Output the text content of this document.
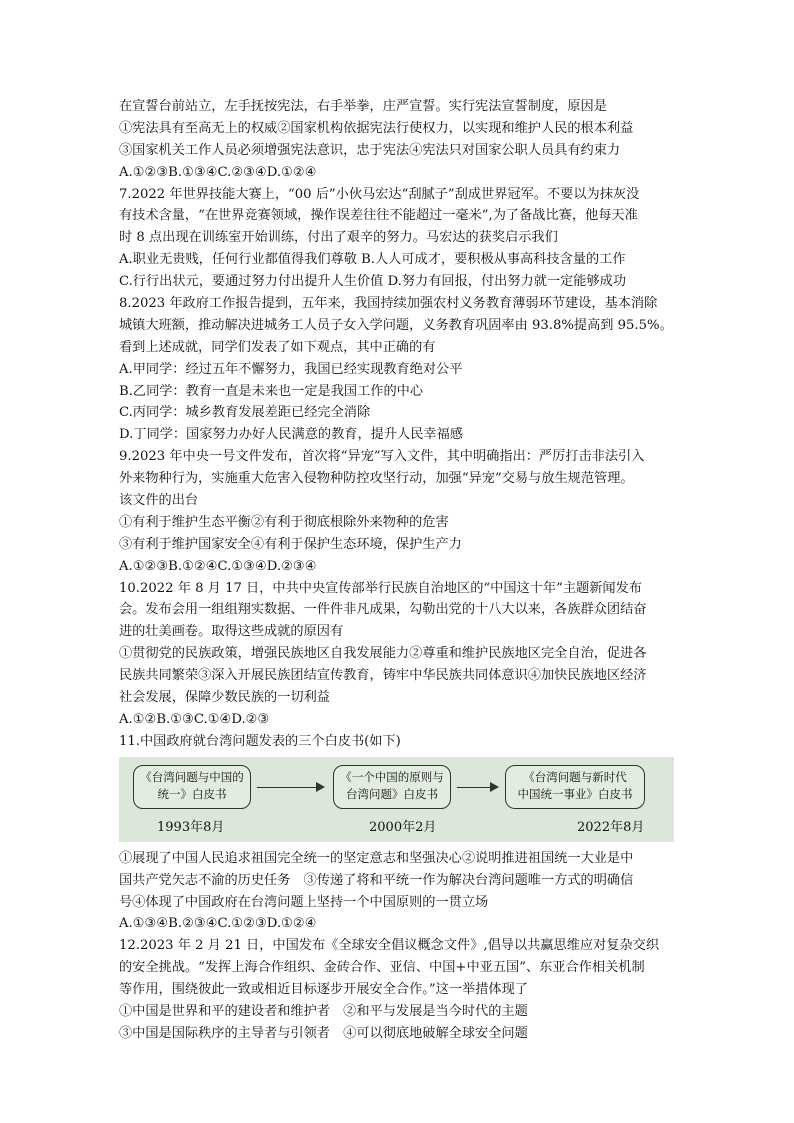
在宣誓台前站立，左手抚按宪法，右手举拳，庄严宣誓。实行宪法宣誓制度，原因是
①宪法具有至高无上的权威②国家机构依据宪法行使权力，以实现和维护人民的根本利益
③国家机关工作人员必须增强宪法意识，忠于宪法④宪法只对国家公职人员具有约束力
A.①②③B.①③④C.②③④D.①②④
7.2022 年世界技能大赛上，“00 后”小伙马宏达“刮腻子”刮成世界冠军。不要以为抹灰没
有技术含量，“在世界竞赛领域，操作误差往往不能超过一毫米”,为了备战比赛，他每天准
时 8 点出现在训练室开始训练，付出了艰辛的努力。马宏达的获奖启示我们
A.职业无贵贱，任何行业都值得我们尊敬 B.人人可成才，要积极从事高科技含量的工作
C.行行出状元，要通过努力付出提升人生价值 D.努力有回报，付出努力就一定能够成功
8.2023 年政府工作报告提到，五年来，我国持续加强农村义务教育薄弱环节建设，基本消除
城镇大班额，推动解决进城务工人员子女入学问题，义务教育巩固率由 93.8%提高到 95.5%。
看到上述成就，同学们发表了如下观点，其中正确的有
A.甲同学：经过五年不懈努力，我国已经实现教育绝对公平
B.乙同学：教育一直是未来也一定是我国工作的中心
C.丙同学：城乡教育发展差距已经完全消除
D.丁同学：国家努力办好人民满意的教育，提升人民幸福感
9.2023 年中央一号文件发布，首次将“异宠”写入文件，其中明确指出：严厉打击非法引入
外来物种行为，实施重大危害入侵物种防控攻坚行动，加强“异宠”交易与放生规范管理。
该文件的出台
①有利于维护生态平衡②有利于彻底根除外来物种的危害
③有利于维护国家安全④有利于保护生态环境，保护生产力
A.①②③B.①②④C.①③④D.②③④
10.2022 年 8 月 17 日，中共中央宣传部举行民族自治地区的“中国这十年”主题新闻发布
会。发布会用一组组翔实数据、一件件非凡成果，勾勒出党的十八大以来，各族群众团结奋
进的壮美画卷。取得这些成就的原因有
①贯彻党的民族政策，增强民族地区自我发展能力②尊重和维护民族地区完全自治，促进各
民族共同繁荣③深入开展民族团结宣传教育，铸牢中华民族共同体意识④加快民族地区经济
社会发展，保障少数民族的一切利益
A.①②B.①③C.①④D.②③
11.中国政府就台湾问题发表的三个白皮书(如下)
《台湾问题与中国的
统一》白皮书
《一个中国的原则与
台湾问题》白皮书
《台湾问题与新时代
中国统一事业》白皮书
1993年8月	2000年2月	2022年8月
①展现了中国人民追求祖国完全统一的坚定意志和坚强决心②说明推进祖国统一大业是中
国共产党矢志不渝的历史任务　③传递了将和平统一作为解决台湾问题唯一方式的明确信
号④体现了中国政府在台湾问题上坚持一个中国原则的一贯立场
A.①③④B.②③④C.①②③D.①②④
12.2023 年 2 月 21 日，中国发布《全球安全倡议概念文件》,倡导以共赢思维应对复杂交织
的安全挑战。“发挥上海合作组织、金砖合作、亚信、中国+中亚五国”、东亚合作相关机制
等作用，围绕彼此一致或相近目标逐步开展安全合作。”这一举措体现了
①中国是世界和平的建设者和维护者　②和平与发展是当今时代的主题
③中国是国际秩序的主导者与引领者　④可以彻底地破解全球安全问题
